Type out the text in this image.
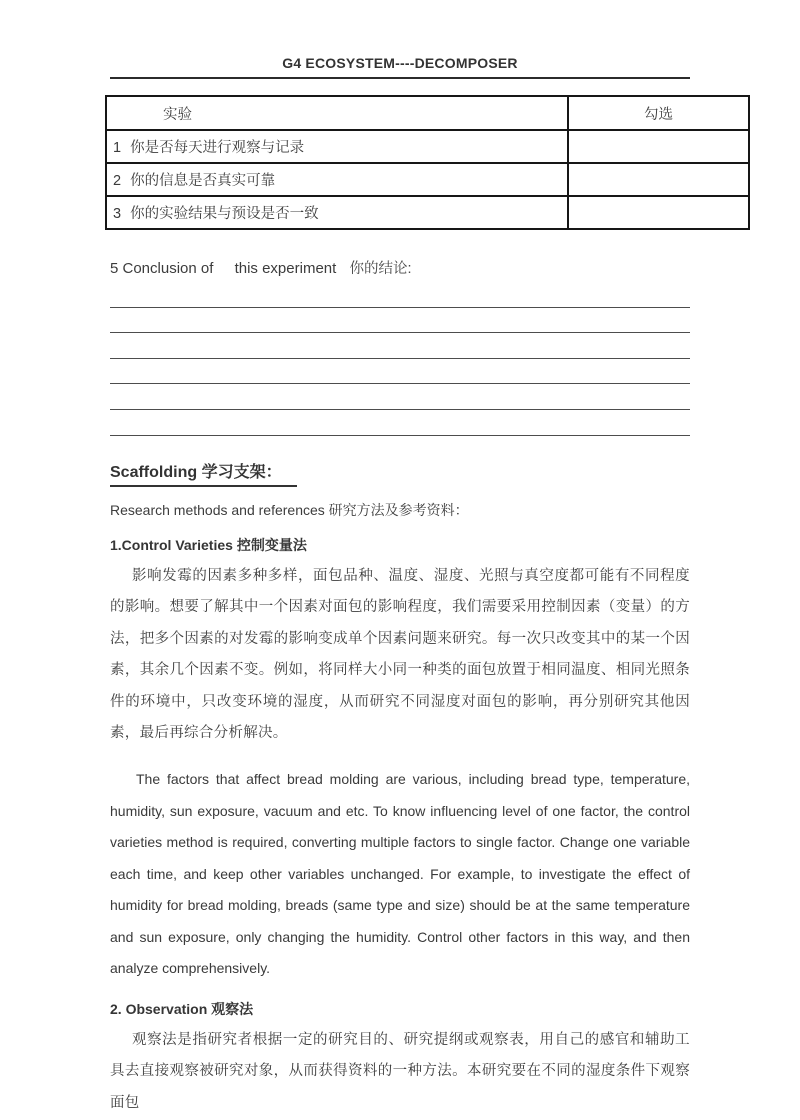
G4 ECOSYSTEM----DECOMPOSER
实验	勾选
1 你是否每天进行观察与记录	
2 你的信息是否真实可靠	
3 你的实验结果与预设是否一致	
5 Conclusion of this experiment 你的结论:
Scaffolding 学习支架：
Research methods and references 研究方法及参考资料：
1.Control Varieties 控制变量法

影响发霉的因素多种多样，面包品种、温度、湿度、光照与真空度都可能有不同程度的影响。想要了解其中一个因素对面包的影响程度，我们需要采用控制因素（变量）的方法，把多个因素的对发霉的影响变成单个因素问题来研究。每一次只改变其中的某一个因素，其余几个因素不变。例如，将同样大小同一种类的面包放置于相同温度、相同光照条件的环境中，只改变环境的湿度，从而研究不同湿度对面包的影响，再分别研究其他因素，最后再综合分析解决。

The factors that affect bread molding are various, including bread type, temperature, humidity, sun exposure, vacuum and etc. To know influencing level of one factor, the control varieties method is required, converting multiple factors to single factor. Change one variable each time, and keep other variables unchanged. For example, to investigate the effect of humidity for bread molding, breads (same type and size) should be at the same temperature and sun exposure, only changing the humidity. Control other factors in this way, and then analyze comprehensively.

2. Observation 观察法

观察法是指研究者根据一定的研究目的、研究提纲或观察表，用自己的感官和辅助工具去直接观察被研究对象，从而获得资料的一种方法。本研究要在不同的湿度条件下观察面包
